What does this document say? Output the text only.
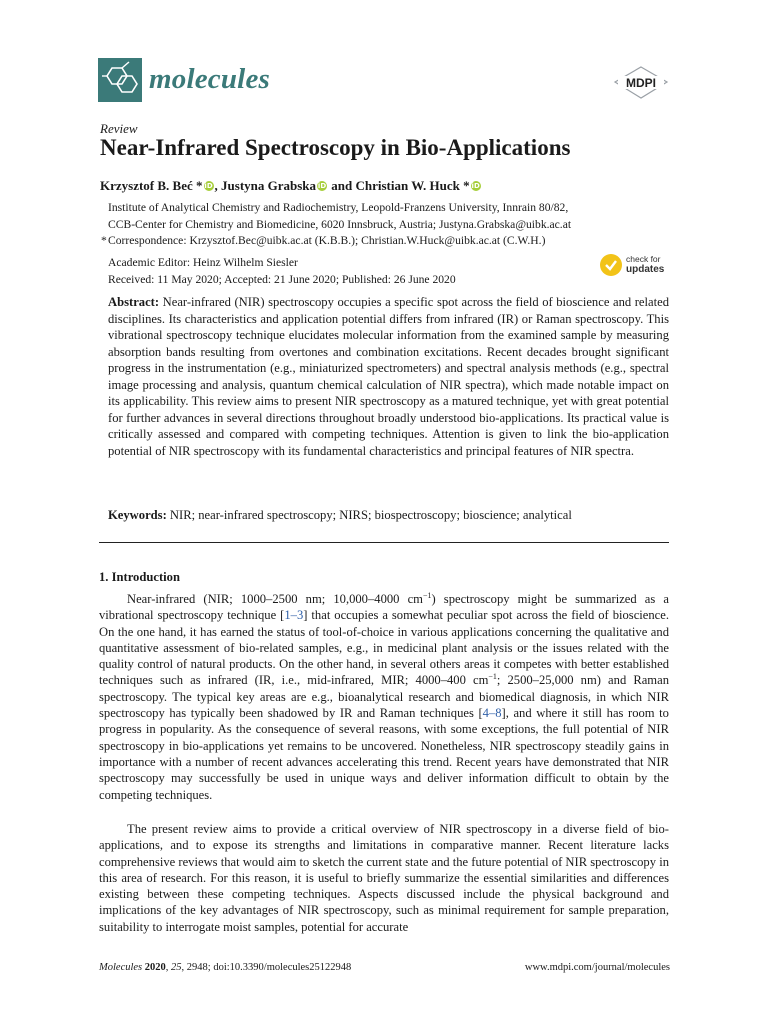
molecules	MDPI
Review
Near-Infrared Spectroscopy in Bio-Applications
Krzysztof B. Beć * iD , Justyna Grabska iD and Christian W. Huck * iD
Institute of Analytical Chemistry and Radiochemistry, Leopold-Franzens University, Innrain 80/82,
CCB-Center for Chemistry and Biomedicine, 6020 Innsbruck, Austria; Justyna.Grabska@uibk.ac.at
* Correspondence: Krzysztof.Bec@uibk.ac.at (K.B.B.); Christian.W.Huck@uibk.ac.at (C.W.H.)
Academic Editor: Heinz Wilhelm Siesler
Received: 11 May 2020; Accepted: 21 June 2020; Published: 26 June 2020
check for
updates
Abstract: Near-infrared (NIR) spectroscopy occupies a specific spot across the field of bioscience and related disciplines. Its characteristics and application potential differs from infrared (IR) or Raman spectroscopy. This vibrational spectroscopy technique elucidates molecular information from the examined sample by measuring absorption bands resulting from overtones and combination excitations. Recent decades brought significant progress in the instrumentation (e.g., miniaturized spectrometers) and spectral analysis methods (e.g., spectral image processing and analysis, quantum chemical calculation of NIR spectra), which made notable impact on its applicability. This review aims to present NIR spectroscopy as a matured technique, yet with great potential for further advances in several directions throughout broadly understood bio-applications. Its practical value is critically assessed and compared with competing techniques. Attention is given to link the bio-application potential of NIR spectroscopy with its fundamental characteristics and principal features of NIR spectra.
Keywords: NIR; near-infrared spectroscopy; NIRS; biospectroscopy; bioscience; analytical
1. Introduction
Near-infrared (NIR; 1000–2500 nm; 10,000–4000 $cm^{-1}$) spectroscopy might be summarized as a vibrational spectroscopy technique [1–3] that occupies a somewhat peculiar spot across the field of bioscience. On the one hand, it has earned the status of tool-of-choice in various applications concerning the qualitative and quantitative assessment of bio-related samples, e.g., in medicinal plant analysis or the issues related with the quality control of natural products. On the other hand, in several others areas it competes with better established techniques such as infrared (IR, i.e., mid-infrared, MIR; 4000–400 $cm^{-1}$; 2500–25,000 nm) and Raman spectroscopy. The typical key areas are e.g., bioanalytical research and biomedical diagnosis, in which NIR spectroscopy has typically been shadowed by IR and Raman techniques [4–8], and where it still has room to progress in popularity. As the consequence of several reasons, with some exceptions, the full potential of NIR spectroscopy in bio-applications yet remains to be uncovered. Nonetheless, NIR spectroscopy steadily gains in importance with a number of recent advances accelerating this trend. Recent years have demonstrated that NIR spectroscopy may successfully be used in unique ways and deliver information difficult to obtain by the competing techniques.
The present review aims to provide a critical overview of NIR spectroscopy in a diverse field of bio-applications, and to expose its strengths and limitations in comparative manner. Recent literature lacks comprehensive reviews that would aim to sketch the current state and the future potential of NIR spectroscopy in this area of research. For this reason, it is useful to briefly summarize the essential similarities and differences existing between these competing techniques. Aspects discussed include the physical background and implications of the key advantages of NIR spectroscopy, such as minimal requirement for sample preparation, suitability to interrogate moist samples, potential for accurate
Molecules 2020, 25, 2948; doi:10.3390/molecules25122948	www.mdpi.com/journal/molecules
